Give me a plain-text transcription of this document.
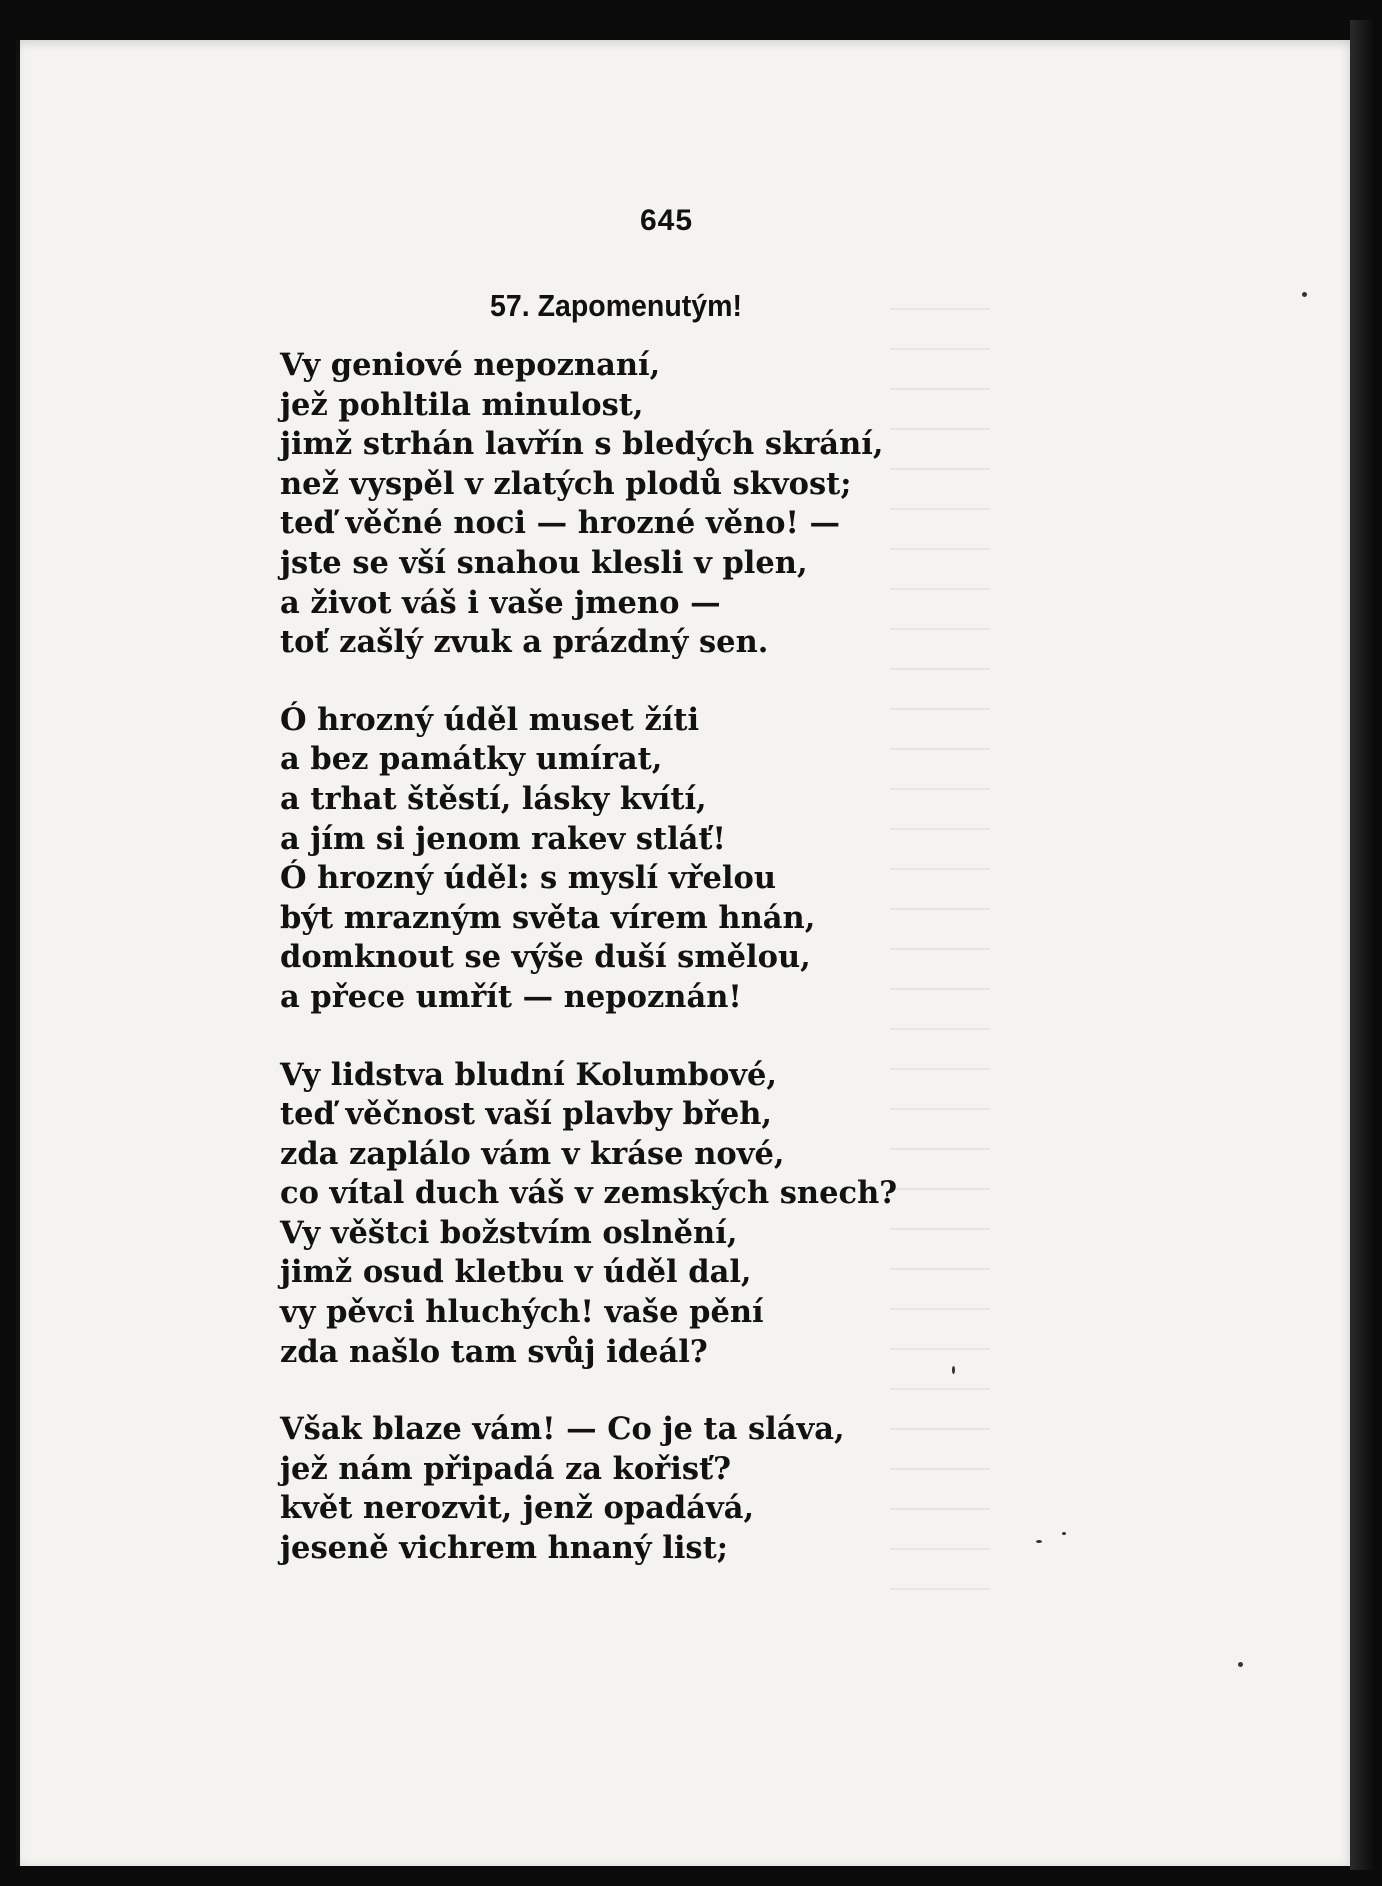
645
57. Zapomenutým!
Vy geniové nepoznaní,
jež pohltila minulost,
jimž strhán lavřín s bledých skrání,
než vyspěl v zlatých plodů skvost;
teď věčné noci — hrozné věno! —
jste se vší snahou klesli v plen,
a život váš i vaše jmeno —
toť zašlý zvuk a prázdný sen.
Ó hrozný úděl muset žíti
a bez památky umírat,
a trhat štěstí, lásky kvítí,
a jím si jenom rakev stláť!
Ó hrozný úděl: s myslí vřelou
být mrazným světa vírem hnán,
domknout se výše duší smělou,
a přece umřít — nepoznán!
Vy lidstva bludní Kolumbové,
teď věčnost vaší plavby břeh,
zda zaplálo vám v kráse nové,
co vítal duch váš v zemských snech?
Vy věštci božstvím oslnění,
jimž osud kletbu v úděl dal,
vy pěvci hluchých! vaše pění
zda našlo tam svůj ideál?
Však blaze vám! — Co je ta sláva,
jež nám připadá za kořisť?
květ nerozvit, jenž opadává,
jeseně vichrem hnaný list;
